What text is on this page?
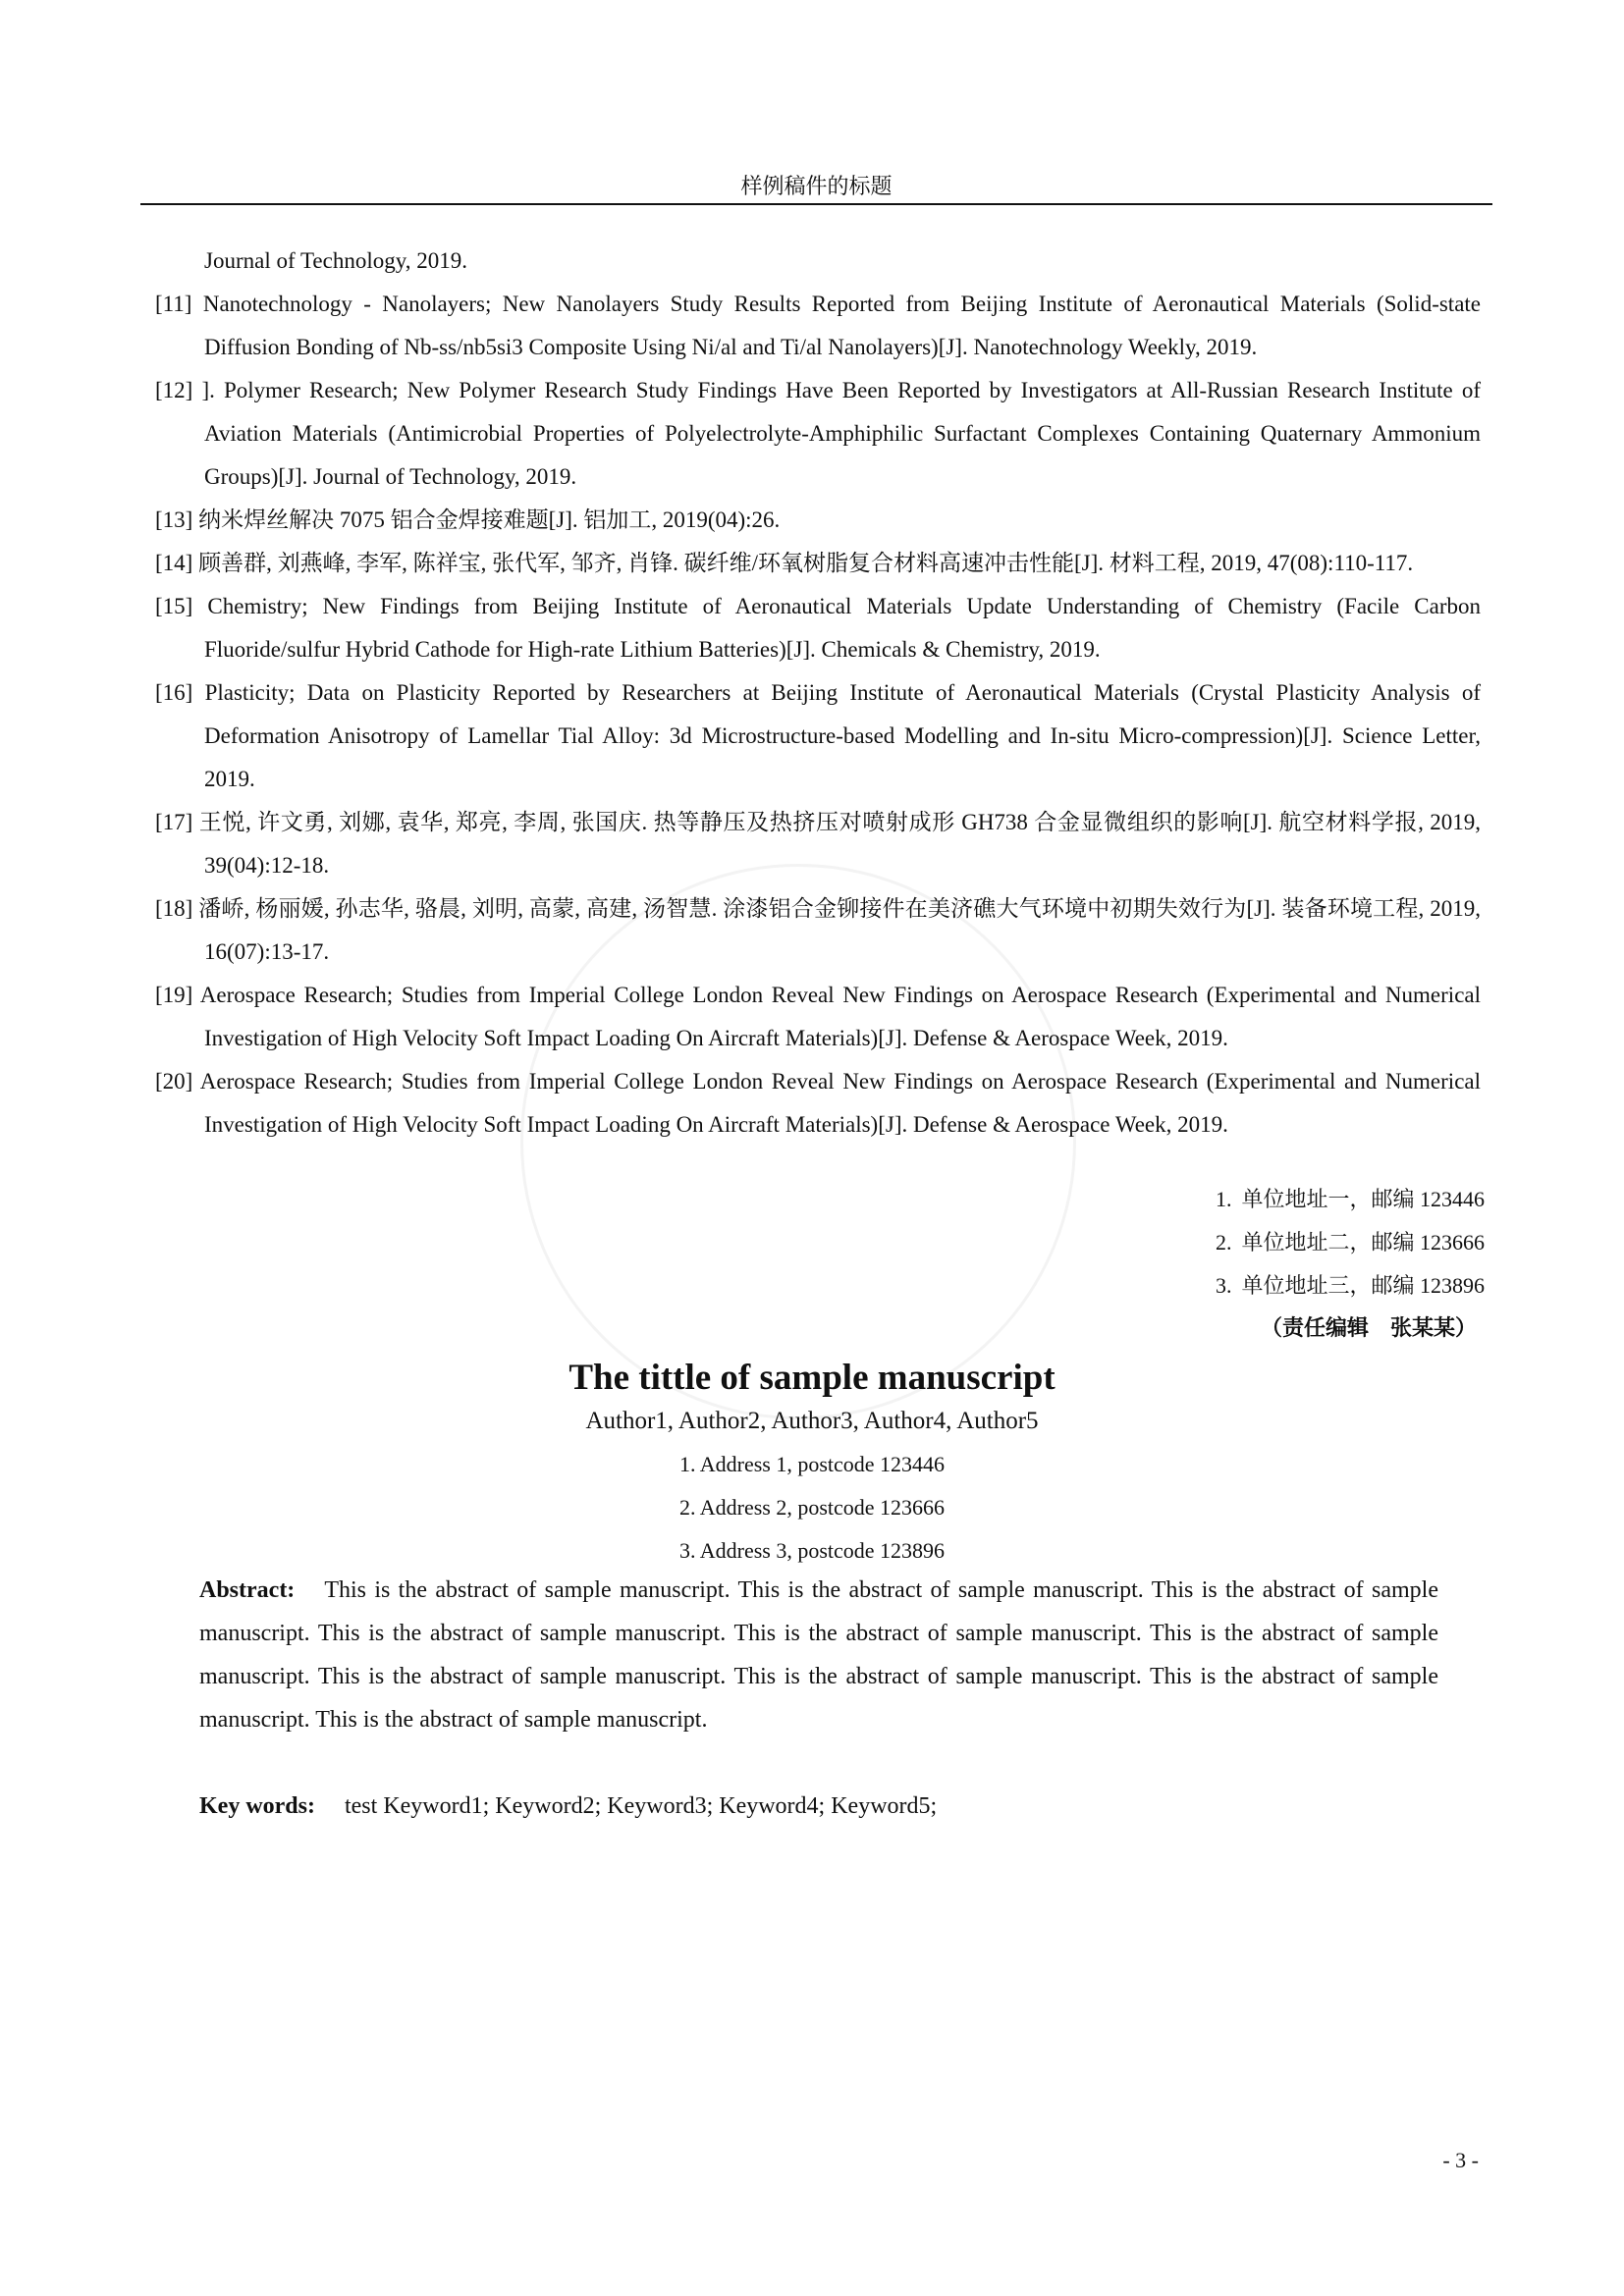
样例稿件的标题
Journal of Technology, 2019.
[11] Nanotechnology - Nanolayers; New Nanolayers Study Results Reported from Beijing Institute of Aeronautical Materials (Solid-state Diffusion Bonding of Nb-ss/nb5si3 Composite Using Ni/al and Ti/al Nanolayers)[J]. Nanotechnology Weekly, 2019.
[12] ]. Polymer Research; New Polymer Research Study Findings Have Been Reported by Investigators at All-Russian Research Institute of Aviation Materials (Antimicrobial Properties of Polyelectrolyte-Amphiphilic Surfactant Complexes Containing Quaternary Ammonium Groups)[J]. Journal of Technology, 2019.
[13] 纳米焊丝解决 7075 铝合金焊接难题[J]. 铝加工, 2019(04):26.
[14] 顾善群, 刘燕峰, 李军, 陈祥宝, 张代军, 邹齐, 肖锋. 碳纤维/环氧树脂复合材料高速冲击性能[J]. 材料工程, 2019, 47(08):110-117.
[15] Chemistry; New Findings from Beijing Institute of Aeronautical Materials Update Understanding of Chemistry (Facile Carbon Fluoride/sulfur Hybrid Cathode for High-rate Lithium Batteries)[J]. Chemicals & Chemistry, 2019.
[16] Plasticity; Data on Plasticity Reported by Researchers at Beijing Institute of Aeronautical Materials (Crystal Plasticity Analysis of Deformation Anisotropy of Lamellar Tial Alloy: 3d Microstructure-based Modelling and In-situ Micro-compression)[J]. Science Letter, 2019.
[17] 王悦, 许文勇, 刘娜, 袁华, 郑亮, 李周, 张国庆. 热等静压及热挤压对喷射成形 GH738 合金显微组织的影响[J]. 航空材料学报, 2019, 39(04):12-18.
[18] 潘峤, 杨丽媛, 孙志华, 骆晨, 刘明, 高蒙, 高建, 汤智慧. 涂漆铝合金铆接件在美济礁大气环境中初期失效行为[J]. 装备环境工程, 2019, 16(07):13-17.
[19] Aerospace Research; Studies from Imperial College London Reveal New Findings on Aerospace Research (Experimental and Numerical Investigation of High Velocity Soft Impact Loading On Aircraft Materials)[J]. Defense & Aerospace Week, 2019.
[20] Aerospace Research; Studies from Imperial College London Reveal New Findings on Aerospace Research (Experimental and Numerical Investigation of High Velocity Soft Impact Loading On Aircraft Materials)[J]. Defense & Aerospace Week, 2019.
1. 单位地址一，邮编 123446
2. 单位地址二，邮编 123666
3. 单位地址三，邮编 123896
（责任编辑 张某某）
The tittle of sample manuscript
Author1, Author2, Author3, Author4, Author5
1. Address 1, postcode 123446
2. Address 2, postcode 123666
3. Address 3, postcode 123896
Abstract: This is the abstract of sample manuscript. This is the abstract of sample manuscript. This is the abstract of sample manuscript. This is the abstract of sample manuscript. This is the abstract of sample manuscript. This is the abstract of sample manuscript. This is the abstract of sample manuscript. This is the abstract of sample manuscript. This is the abstract of sample manuscript. This is the abstract of sample manuscript.
Key words: test Keyword1; Keyword2; Keyword3; Keyword4; Keyword5;
- 3 -
